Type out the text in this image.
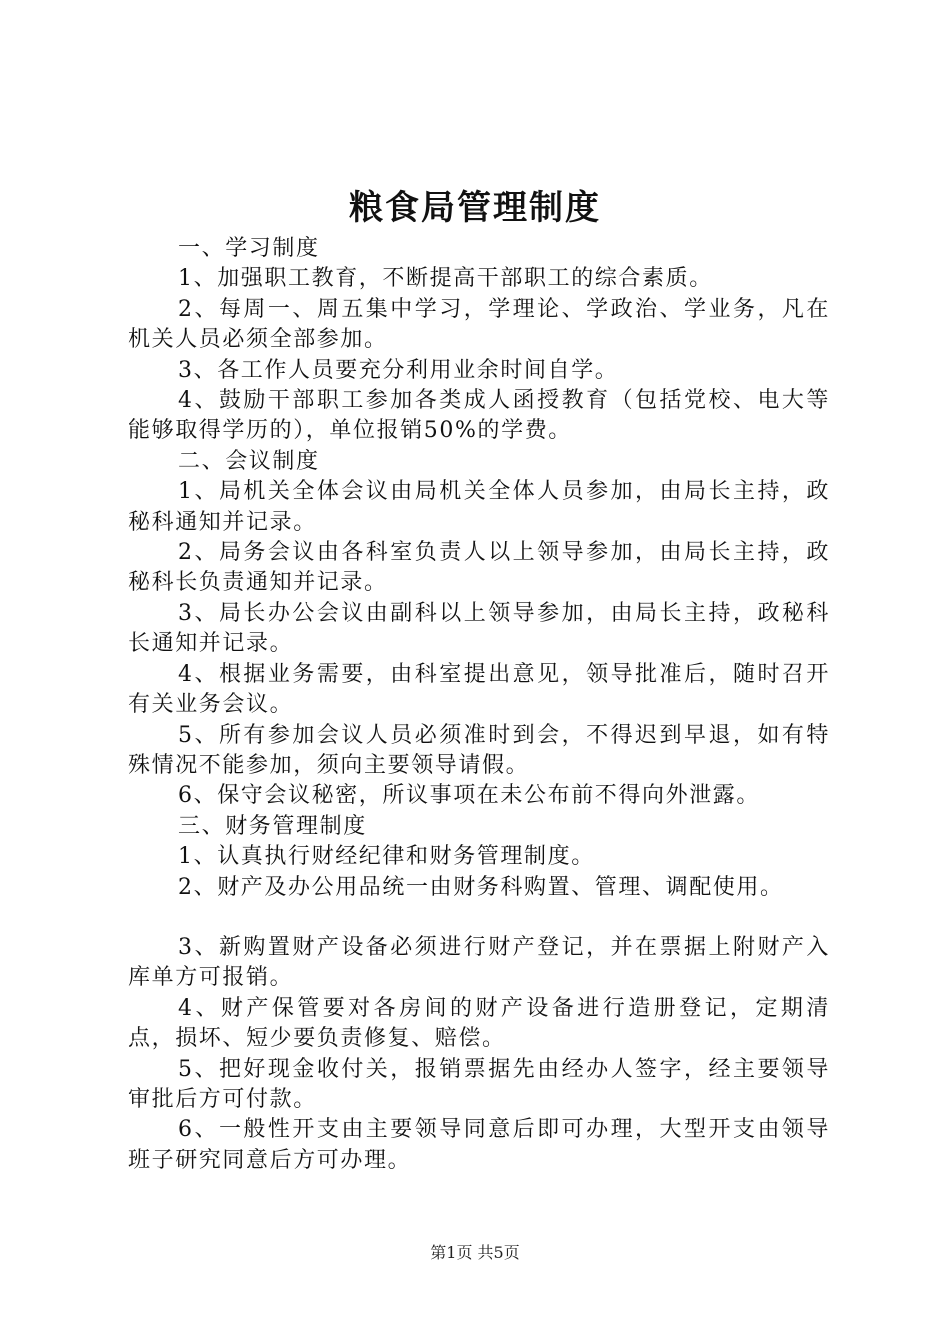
粮食局管理制度

一、学习制度

1、加强职工教育，不断提高干部职工的综合素质。

2、每周一、周五集中学习，学理论、学政治、学业务，凡在机关人员必须全部参加。

3、各工作人员要充分利用业余时间自学。

4、鼓励干部职工参加各类成人函授教育（包括党校、电大等能够取得学历的），单位报销50%的学费。

二、会议制度

1、局机关全体会议由局机关全体人员参加，由局长主持，政秘科通知并记录。

2、局务会议由各科室负责人以上领导参加，由局长主持，政秘科长负责通知并记录。

3、局长办公会议由副科以上领导参加，由局长主持，政秘科长通知并记录。

4、根据业务需要，由科室提出意见，领导批准后，随时召开有关业务会议。

5、所有参加会议人员必须准时到会，不得迟到早退，如有特殊情况不能参加，须向主要领导请假。

6、保守会议秘密，所议事项在未公布前不得向外泄露。

三、财务管理制度

1、认真执行财经纪律和财务管理制度。

2、财产及办公用品统一由财务科购置、管理、调配使用。

3、新购置财产设备必须进行财产登记，并在票据上附财产入库单方可报销。

4、财产保管要对各房间的财产设备进行造册登记，定期清点，损坏、短少要负责修复、赔偿。

5、把好现金收付关，报销票据先由经办人签字，经主要领导审批后方可付款。

6、一般性开支由主要领导同意后即可办理，大型开支由领导班子研究同意后方可办理。

第1页 共5页
